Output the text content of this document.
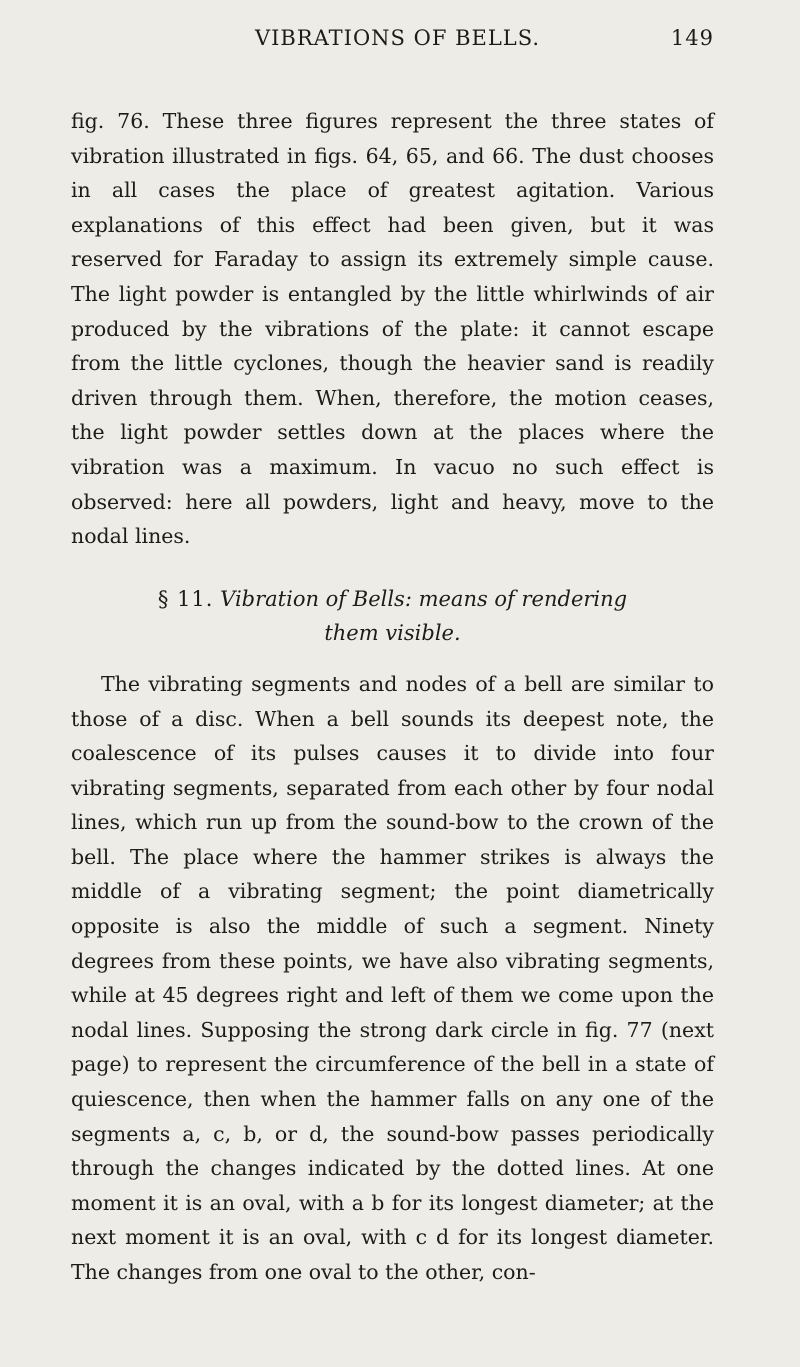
VIBRATIONS OF BELLS.	149

fig. 76. These three figures represent the three states of vibration illustrated in figs. 64, 65, and 66. The dust chooses in all cases the place of greatest agitation. Various explanations of this effect had been given, but it was reserved for Faraday to assign its extremely simple cause. The light powder is entangled by the little whirlwinds of air produced by the vibrations of the plate: it cannot escape from the little cyclones, though the heavier sand is readily driven through them. When, therefore, the motion ceases, the light powder settles down at the places where the vibration was a maximum. In vacuo no such effect is observed: here all powders, light and heavy, move to the nodal lines.

§ 11. Vibration of Bells: means of rendering
them visible.

The vibrating segments and nodes of a bell are similar to those of a disc. When a bell sounds its deepest note, the coalescence of its pulses causes it to divide into four vibrating segments, separated from each other by four nodal lines, which run up from the sound-bow to the crown of the bell. The place where the hammer strikes is always the middle of a vibrating segment; the point diametrically opposite is also the middle of such a segment. Ninety degrees from these points, we have also vibrating segments, while at 45 degrees right and left of them we come upon the nodal lines. Supposing the strong dark circle in fig. 77 (next page) to represent the circumference of the bell in a state of quiescence, then when the hammer falls on any one of the segments a, c, b, or d, the sound-bow passes periodically through the changes indicated by the dotted lines. At one moment it is an oval, with a b for its longest diameter; at the next moment it is an oval, with c d for its longest diameter. The changes from one oval to the other, con-
